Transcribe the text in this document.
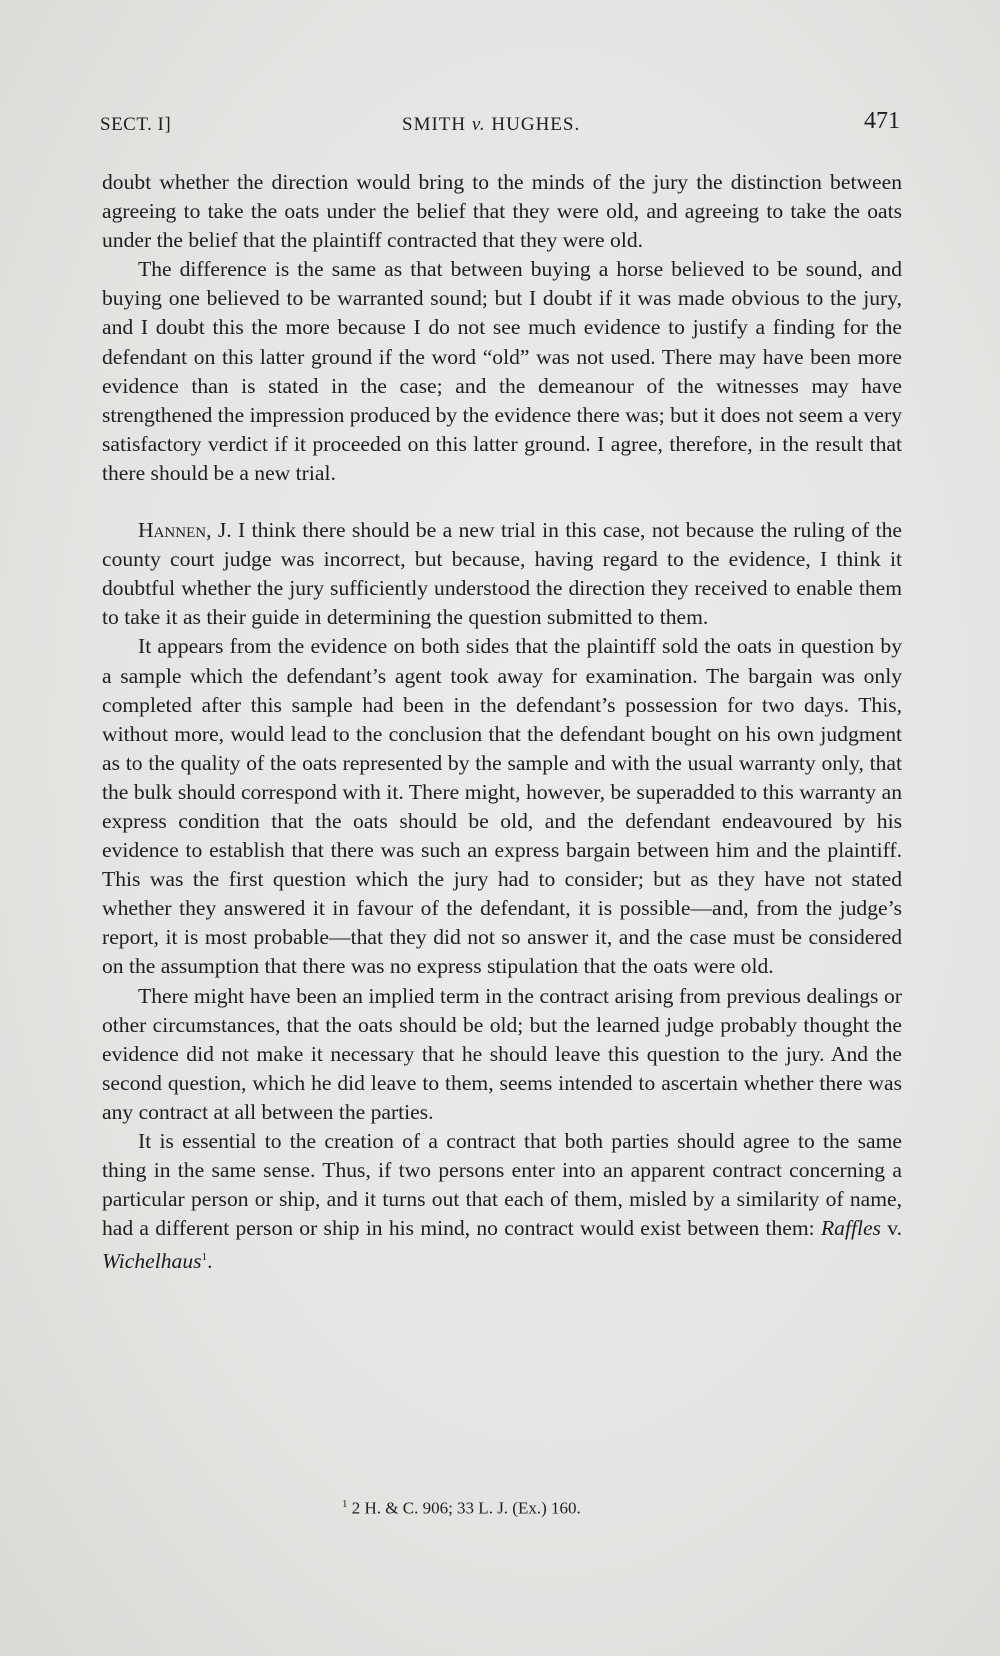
SECT. I]	SMITH v. HUGHES.	471

doubt whether the direction would bring to the minds of the jury the distinction between agreeing to take the oats under the belief that they were old, and agreeing to take the oats under the belief that the plaintiff contracted that they were old.

The difference is the same as that between buying a horse believed to be sound, and buying one believed to be warranted sound; but I doubt if it was made obvious to the jury, and I doubt this the more because I do not see much evidence to justify a finding for the defendant on this latter ground if the word “old” was not used. There may have been more evidence than is stated in the case; and the demeanour of the witnesses may have strengthened the impression produced by the evidence there was; but it does not seem a very satisfactory verdict if it proceeded on this latter ground. I agree, therefore, in the result that there should be a new trial.

Hannen, J. I think there should be a new trial in this case, not because the ruling of the county court judge was incorrect, but because, having regard to the evidence, I think it doubtful whether the jury sufficiently understood the direction they received to enable them to take it as their guide in determining the question submitted to them.

It appears from the evidence on both sides that the plaintiff sold the oats in question by a sample which the defendant’s agent took away for examination. The bargain was only completed after this sample had been in the defendant’s possession for two days. This, without more, would lead to the conclusion that the defendant bought on his own judgment as to the quality of the oats represented by the sample and with the usual warranty only, that the bulk should correspond with it. There might, however, be superadded to this warranty an express condition that the oats should be old, and the defendant endeavoured by his evidence to establish that there was such an express bargain between him and the plaintiff. This was the first question which the jury had to consider; but as they have not stated whether they answered it in favour of the defendant, it is possible—and, from the judge’s report, it is most probable—that they did not so answer it, and the case must be considered on the assumption that there was no express stipulation that the oats were old.

There might have been an implied term in the contract arising from previous dealings or other circumstances, that the oats should be old; but the learned judge probably thought the evidence did not make it necessary that he should leave this question to the jury. And the second question, which he did leave to them, seems intended to ascertain whether there was any contract at all between the parties.

It is essential to the creation of a contract that both parties should agree to the same thing in the same sense. Thus, if two persons enter into an apparent contract concerning a particular person or ship, and it turns out that each of them, misled by a similarity of name, had a different person or ship in his mind, no contract would exist between them: Raffles v. Wichelhaus$^1$.

$^1$ 2 H. & C. 906; 33 L. J. (Ex.) 160.
